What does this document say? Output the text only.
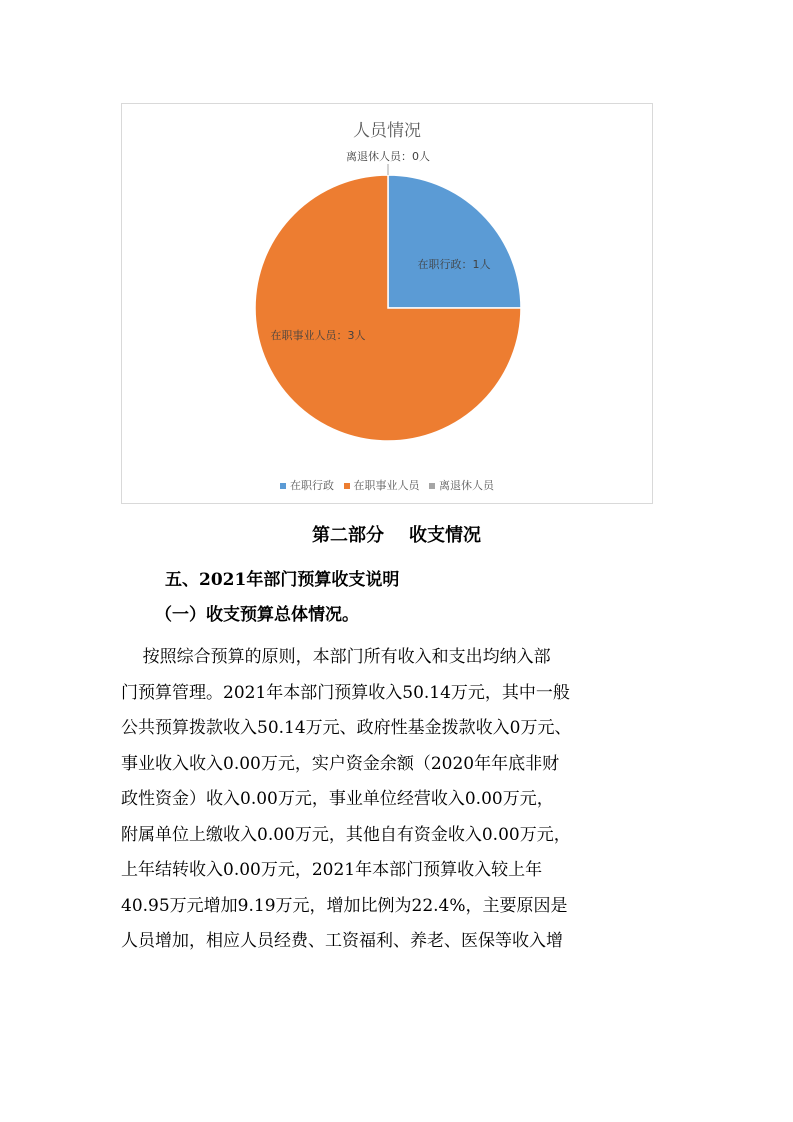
人员情况
在职行政：1人
在职事业人员：3人
离退休人员：0人
在职行政 在职事业人员 离退休人员
第二部分    收支情况
五、2021年部门预算收支说明
（一）收支预算总体情况。
按照综合预算的原则，本部门所有收入和支出均纳入部
门预算管理。2021年本部门预算收入50.14万元，其中一般
公共预算拨款收入50.14万元、政府性基金拨款收入0万元、
事业收入收入0.00万元，实户资金余额（2020年年底非财
政性资金）收入0.00万元，事业单位经营收入0.00万元，
附属单位上缴收入0.00万元，其他自有资金收入0.00万元，
上年结转收入0.00万元，2021年本部门预算收入较上年
40.95万元增加9.19万元，增加比例为22.4%，主要原因是
人员增加，相应人员经费、工资福利、养老、医保等收入增
